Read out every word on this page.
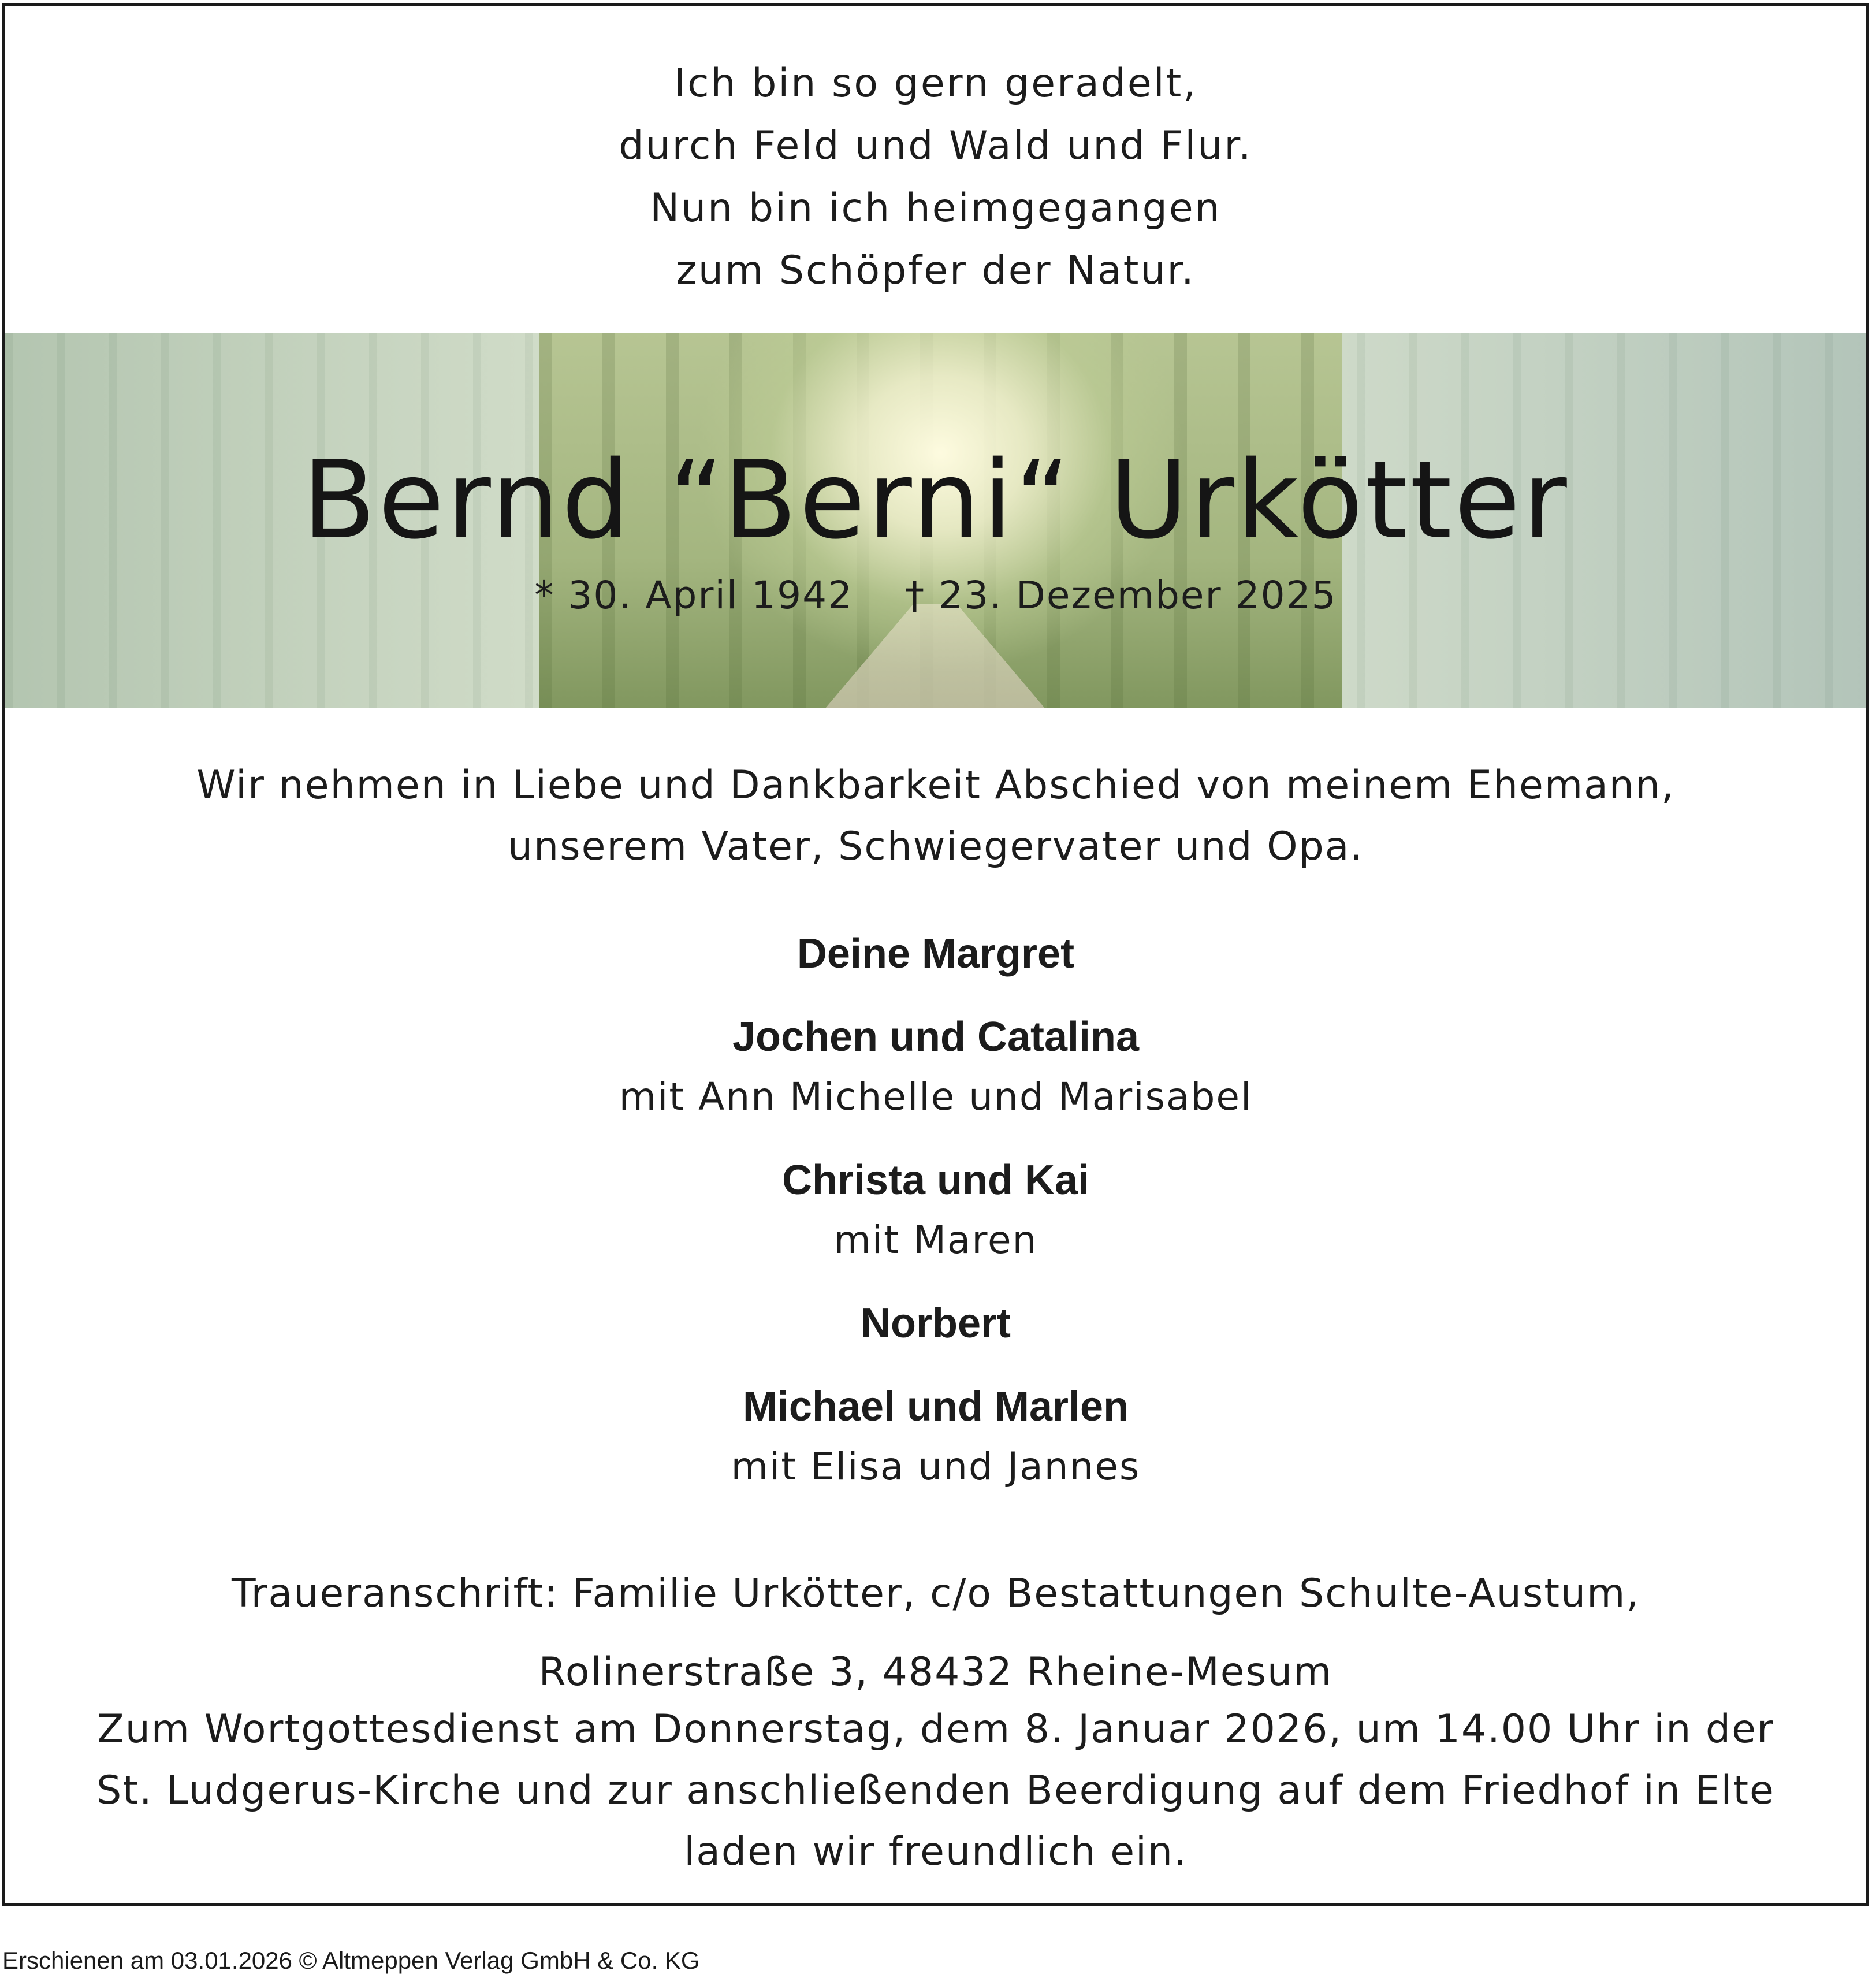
Ich bin so gern geradelt,
durch Feld und Wald und Flur.
Nun bin ich heimgegangen
zum Schöpfer der Natur.
Bernd “Berni“ Urkötter
* 30. April 1942 † 23. Dezember 2025
Wir nehmen in Liebe und Dankbarkeit Abschied von meinem Ehemann,
unserem Vater, Schwiegervater und Opa.
Deine Margret
Jochen und Catalina
mit Ann Michelle und Marisabel
Christa und Kai
mit Maren
Norbert
Michael und Marlen
mit Elisa und Jannes
Traueranschrift: Familie Urkötter, c/o Bestattungen Schulte-Austum,
Rolinerstraße 3, 48432 Rheine-Mesum
Zum Wortgottesdienst am Donnerstag, dem 8. Januar 2026, um 14.00 Uhr in der
St. Ludgerus-Kirche und zur anschließenden Beerdigung auf dem Friedhof in Elte
laden wir freundlich ein.
Erschienen am 03.01.2026 © Altmeppen Verlag GmbH & Co. KG
